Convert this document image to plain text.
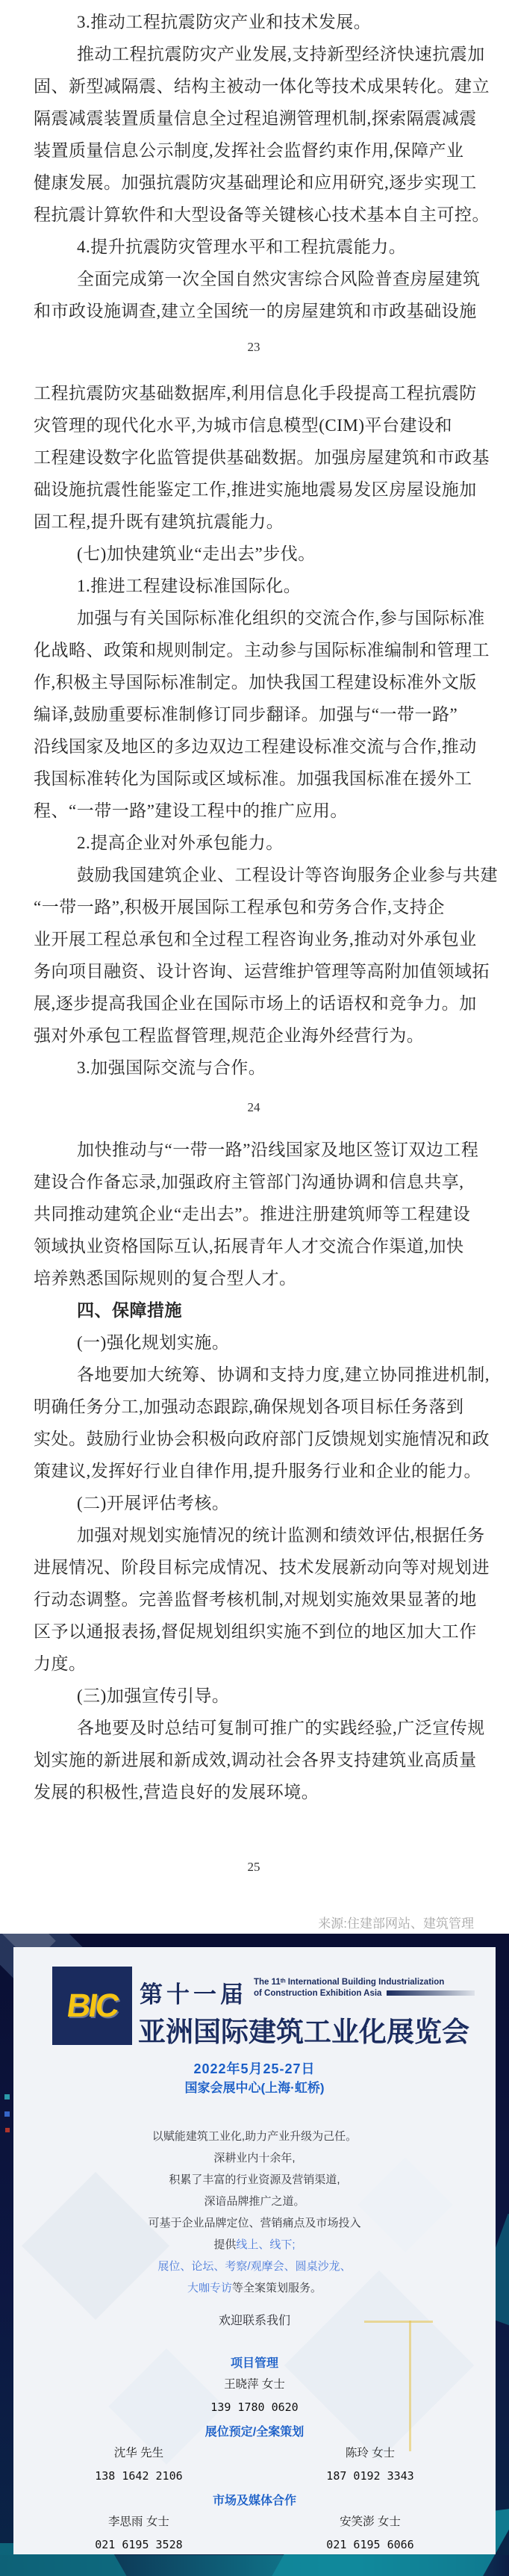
3.推动工程抗震防灾产业和技术发展。
推动工程抗震防灾产业发展,支持新型经济快速抗震加
固、新型减隔震、结构主被动一体化等技术成果转化。建立
隔震减震装置质量信息全过程追溯管理机制,探索隔震减震
装置质量信息公示制度,发挥社会监督约束作用,保障产业
健康发展。加强抗震防灾基础理论和应用研究,逐步实现工
程抗震计算软件和大型设备等关键核心技术基本自主可控。
4.提升抗震防灾管理水平和工程抗震能力。
全面完成第一次全国自然灾害综合风险普查房屋建筑
和市政设施调查,建立全国统一的房屋建筑和市政基础设施
23
工程抗震防灾基础数据库,利用信息化手段提高工程抗震防
灾管理的现代化水平,为城市信息模型(CIM)平台建设和
工程建设数字化监管提供基础数据。加强房屋建筑和市政基
础设施抗震性能鉴定工作,推进实施地震易发区房屋设施加
固工程,提升既有建筑抗震能力。
(七)加快建筑业“走出去”步伐。
1.推进工程建设标准国际化。
加强与有关国际标准化组织的交流合作,参与国际标准
化战略、政策和规则制定。主动参与国际标准编制和管理工
作,积极主导国际标准制定。加快我国工程建设标准外文版
编译,鼓励重要标准制修订同步翻译。加强与“一带一路”
沿线国家及地区的多边双边工程建设标准交流与合作,推动
我国标准转化为国际或区域标准。加强我国标准在援外工
程、“一带一路”建设工程中的推广应用。
2.提高企业对外承包能力。
鼓励我国建筑企业、工程设计等咨询服务企业参与共建
“一带一路”,积极开展国际工程承包和劳务合作,支持企
业开展工程总承包和全过程工程咨询业务,推动对外承包业
务向项目融资、设计咨询、运营维护管理等高附加值领域拓
展,逐步提高我国企业在国际市场上的话语权和竞争力。加
强对外承包工程监督管理,规范企业海外经营行为。
3.加强国际交流与合作。
24
加快推动与“一带一路”沿线国家及地区签订双边工程
建设合作备忘录,加强政府主管部门沟通协调和信息共享,
共同推动建筑企业“走出去”。推进注册建筑师等工程建设
领域执业资格国际互认,拓展青年人才交流合作渠道,加快
培养熟悉国际规则的复合型人才。
四、保障措施
(一)强化规划实施。
各地要加大统筹、协调和支持力度,建立协同推进机制,
明确任务分工,加强动态跟踪,确保规划各项目标任务落到
实处。鼓励行业协会积极向政府部门反馈规划实施情况和政
策建议,发挥好行业自律作用,提升服务行业和企业的能力。
(二)开展评估考核。
加强对规划实施情况的统计监测和绩效评估,根据任务
进展情况、阶段目标完成情况、技术发展新动向等对规划进
行动态调整。完善监督考核机制,对规划实施效果显著的地
区予以通报表扬,督促规划组织实施不到位的地区加大工作
力度。
(三)加强宣传引导。
各地要及时总结可复制可推广的实践经验,广泛宣传规
划实施的新进展和新成效,调动社会各界支持建筑业高质量
发展的积极性,营造良好的发展环境。
25
来源:住建部网站、建筑管理
BIC 第十一届 The 11ᵗʰ International Building Industrialization
of Construction Exhibition Asia
亚洲国际建筑工业化展览会
2022年5月25-27日
国家会展中心(上海·虹桥)
以赋能建筑工业化,助力产业升级为己任。
深耕业内十余年,
积累了丰富的行业资源及营销渠道,
深谙品牌推广之道。
可基于企业品牌定位、营销痛点及市场投入
提供线上、线下;
展位、论坛、考察/观摩会、圆桌沙龙、
大咖专访等全案策划服务。
欢迎联系我们
项目管理
王晓萍 女士
139 1780 0620
展位预定/全案策划
沈华 先生	陈玲 女士
138 1642 2106	187 0192 3343
市场及媒体合作
李思雨 女士	安笑澎 女士
021 6195 3528	021 6195 6066
